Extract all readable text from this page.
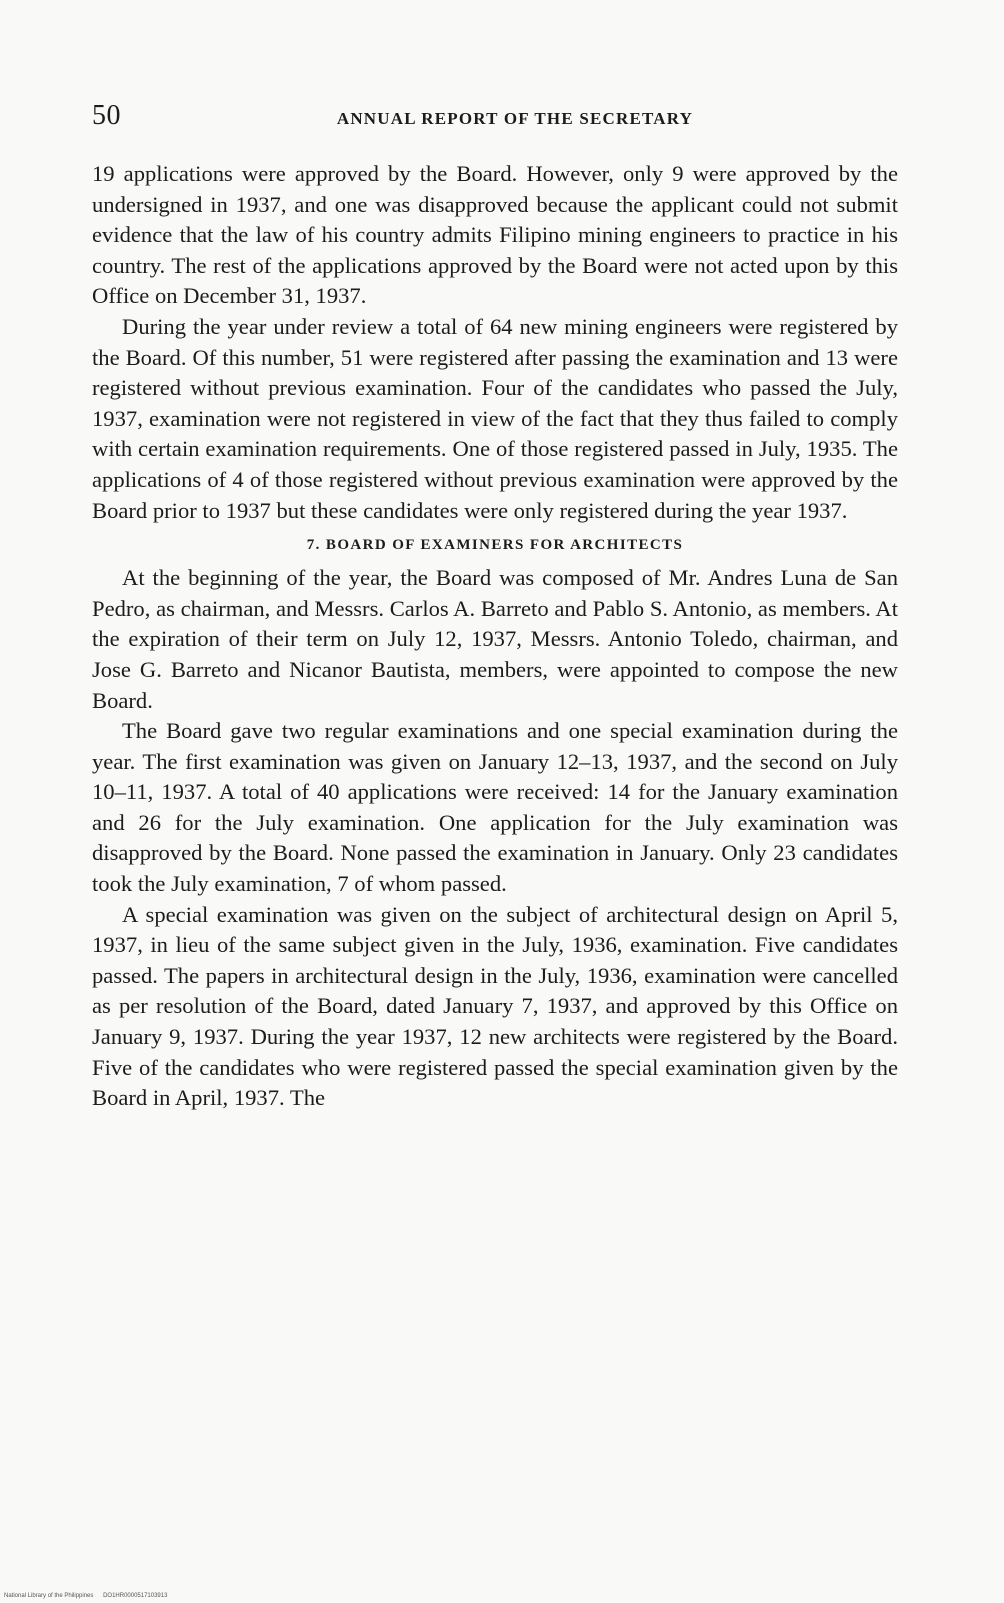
50	ANNUAL REPORT OF THE SECRETARY

19 applications were approved by the Board. However, only 9 were approved by the undersigned in 1937, and one was disapproved because the applicant could not submit evidence that the law of his country admits Filipino mining engineers to practice in his country. The rest of the applications approved by the Board were not acted upon by this Office on December 31, 1937.

During the year under review a total of 64 new mining engineers were registered by the Board. Of this number, 51 were registered after passing the examination and 13 were registered without previous examination. Four of the candidates who passed the July, 1937, examination were not registered in view of the fact that they thus failed to comply with certain examination requirements. One of those registered passed in July, 1935. The applications of 4 of those registered without previous examination were approved by the Board prior to 1937 but these candidates were only registered during the year 1937.

7. BOARD OF EXAMINERS FOR ARCHITECTS

At the beginning of the year, the Board was composed of Mr. Andres Luna de San Pedro, as chairman, and Messrs. Carlos A. Barreto and Pablo S. Antonio, as members. At the expiration of their term on July 12, 1937, Messrs. Antonio Toledo, chairman, and Jose G. Barreto and Nicanor Bautista, members, were appointed to compose the new Board.

The Board gave two regular examinations and one special examination during the year. The first examination was given on January 12–13, 1937, and the second on July 10–11, 1937. A total of 40 applications were received: 14 for the January examination and 26 for the July examination. One application for the July examination was disapproved by the Board. None passed the examination in January. Only 23 candidates took the July examination, 7 of whom passed.

A special examination was given on the subject of architectural design on April 5, 1937, in lieu of the same subject given in the July, 1936, examination. Five candidates passed. The papers in architectural design in the July, 1936, examination were cancelled as per resolution of the Board, dated January 7, 1937, and approved by this Office on January 9, 1937. During the year 1937, 12 new architects were registered by the Board. Five of the candidates who were registered passed the special examination given by the Board in April, 1937. The

National Library of the Philippines DO1HR0000517103913
